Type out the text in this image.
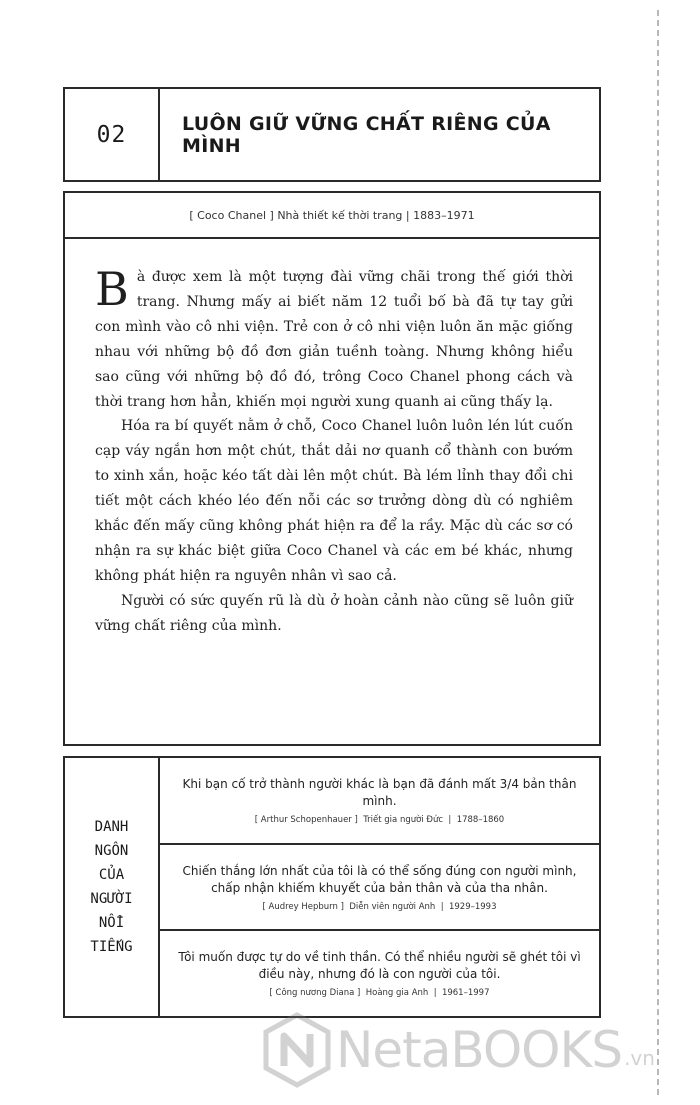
02	LUÔN GIỮ VỮNG CHẤT RIÊNG CỦA MÌNH
[ Coco Chanel ]
Nhà thiết kế thời trang
|
1883–1971

Bà được xem là một tượng đài vững chãi trong thế giới thời trang. Nhưng mấy ai biết năm 12 tuổi bố bà đã tự tay gửi con mình vào cô nhi viện. Trẻ con ở cô nhi viện luôn ăn mặc giống nhau với những bộ đồ đơn giản tuềnh toàng. Nhưng không hiểu sao cũng với những bộ đồ đó, trông Coco Chanel phong cách và thời trang hơn hẳn, khiến mọi người xung quanh ai cũng thấy lạ.

Hóa ra bí quyết nằm ở chỗ, Coco Chanel luôn luôn lén lút cuốn cạp váy ngắn hơn một chút, thắt dải nơ quanh cổ thành con bướm to xinh xắn, hoặc kéo tất dài lên một chút. Bà lém lỉnh thay đổi chi tiết một cách khéo léo đến nỗi các sơ trưởng dòng dù có nghiêm khắc đến mấy cũng không phát hiện ra để la rầy. Mặc dù các sơ có nhận ra sự khác biệt giữa Coco Chanel và các em bé khác, nhưng không phát hiện ra nguyên nhân vì sao cả.

Người có sức quyến rũ là dù ở hoàn cảnh nào cũng sẽ luôn giữ vững chất riêng của mình.

DANH
NGÔN
CỦA
NGƯỜI
NỔI
TIẾNG
Khi bạn cố trở thành người khác là bạn đã đánh mất 3/4 bản thân mình.
[ Arthur Schopenhauer ]  Triết gia người Đức  |  1788–1860
Chiến thắng lớn nhất của tôi là có thể sống đúng con người mình, chấp nhận khiếm khuyết của bản thân và của tha nhân.
[ Audrey Hepburn ]  Diễn viên người Anh  |  1929–1993
Tôi muốn được tự do về tinh thần. Có thể nhiều người sẽ ghét tôi vì điều này, nhưng đó là con người của tôi.
[ Công nương Diana ]  Hoàng gia Anh  |  1961–1997
NetaBOOKS .vn
